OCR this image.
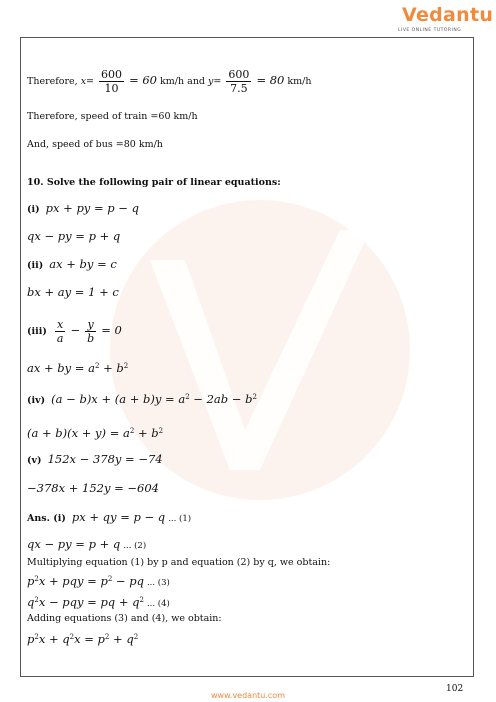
Vedantu
LIVE ONLINE TUTORING
Therefore, $x= \frac{600}{10} = 60$ km/h and $y= \frac{600}{7.5} = 80$ km/h
Therefore, speed of train =60 km/h
And, speed of bus =80 km/h
10. Solve the following pair of linear equations:
(i) px + py = p − q
qx − py = p + q
(ii) ax + by = c
bx + ay = 1 + c
$(iii) \frac{x}{a} - \frac{y}{b} = 0$
ax + by = $a^2 + b^2$
(iv) $(a - b)x + (a + b)y = a^2 - 2ab - b^2$
$(a + b)(x + y) = a^2 + b^2$
(v) 152x − 378y = −74
−378x + 152y = −604
Ans. (i) px + qy = p − q ... (1)
qx − py = p + q ... (2)
Multiplying equation (1) by p and equation (2) by q, we obtain:
$p^2x$ + pqy = $p^2$ − pq ... (3)
$q^2x$ − pqy = pq + $q^2$ ... (4)
Adding equations (3) and (4), we obtain:
$p^2x + q^2x = p^2 + q^2$
102
www.vedantu.com
